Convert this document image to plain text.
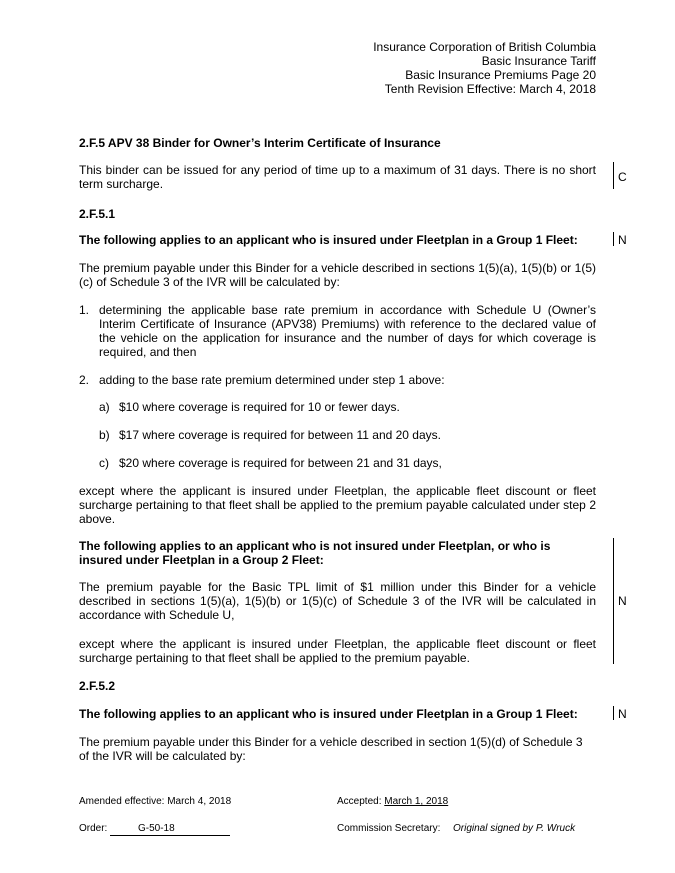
Insurance Corporation of British Columbia
Basic Insurance Tariff
Basic Insurance Premiums Page 20
Tenth Revision Effective: March 4, 2018
2.F.5 APV 38 Binder for Owner’s Interim Certificate of Insurance
This binder can be issued for any period of time up to a maximum of 31 days. There is no short term surcharge.
2.F.5.1
The following applies to an applicant who is insured under Fleetplan in a Group 1 Fleet:
The premium payable under this Binder for a vehicle described in sections 1(5)(a), 1(5)(b) or 1(5)(c) of Schedule 3 of the IVR will be calculated by:
1. determining the applicable base rate premium in accordance with Schedule U (Owner’s Interim Certificate of Insurance (APV38) Premiums) with reference to the declared value of the vehicle on the application for insurance and the number of days for which coverage is required, and then
2. adding to the base rate premium determined under step 1 above:
a) $10 where coverage is required for 10 or fewer days.
b) $17 where coverage is required for between 11 and 20 days.
c) $20 where coverage is required for between 21 and 31 days,
except where the applicant is insured under Fleetplan, the applicable fleet discount or fleet surcharge pertaining to that fleet shall be applied to the premium payable calculated under step 2 above.
The following applies to an applicant who is not insured under Fleetplan, or who is insured under Fleetplan in a Group 2 Fleet:
The premium payable for the Basic TPL limit of $1 million under this Binder for a vehicle described in sections 1(5)(a), 1(5)(b) or 1(5)(c) of Schedule 3 of the IVR will be calculated in accordance with Schedule U,
except where the applicant is insured under Fleetplan, the applicable fleet discount or fleet surcharge pertaining to that fleet shall be applied to the premium payable.
2.F.5.2
The following applies to an applicant who is insured under Fleetplan in a Group 1 Fleet:
The premium payable under this Binder for a vehicle described in section 1(5)(d) of Schedule 3 of the IVR will be calculated by:
C
N
N
N
Amended effective: March 4, 2018	Accepted: March 1, 2018
Order:	G-50-18	Commission Secretary: Original signed by P. Wruck
